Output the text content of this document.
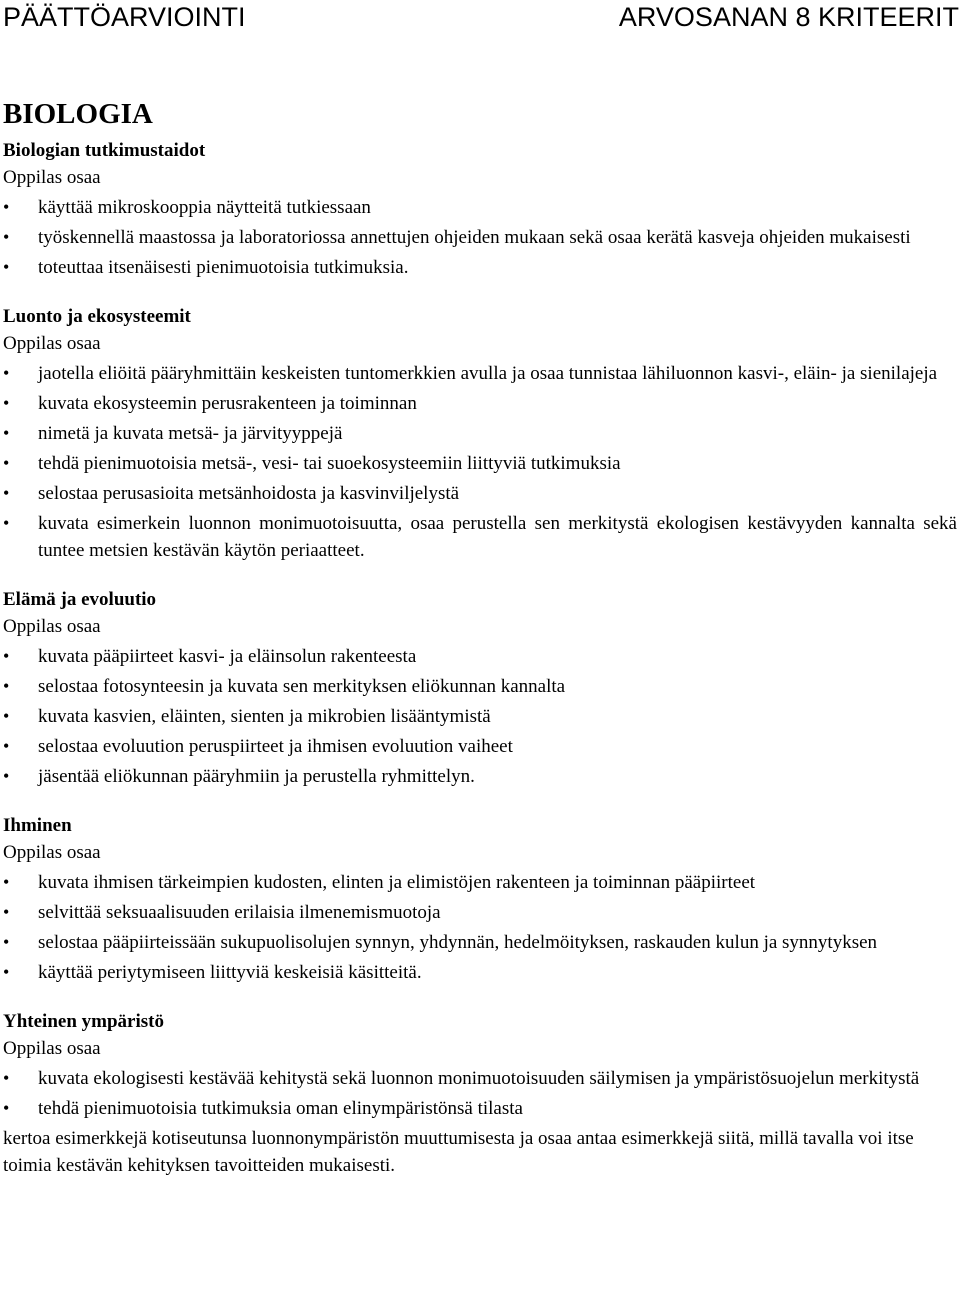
PÄÄTTÖARVIOINTI	ARVOSANAN 8 KRITEERIT
BIOLOGIA

Biologian tutkimustaidot

Oppilas osaa

• käyttää mikroskooppia näytteitä tutkiessaan
• työskennellä maastossa ja laboratoriossa annettujen ohjeiden mukaan sekä osaa kerätä kasveja ohjeiden mukaisesti
• toteuttaa itsenäisesti pienimuotoisia tutkimuksia.

Luonto ja ekosysteemit

Oppilas osaa

• jaotella eliöitä pääryhmittäin keskeisten tuntomerkkien avulla ja osaa tunnistaa lähiluonnon kasvi-, eläin- ja sienilajeja
• kuvata ekosysteemin perusrakenteen ja toiminnan
• nimetä ja kuvata metsä- ja järvityyppejä
• tehdä pienimuotoisia metsä-, vesi- tai suoekosysteemiin liittyviä tutkimuksia
• selostaa perusasioita metsänhoidosta ja kasvinviljelystä
• kuvata esimerkein luonnon monimuotoisuutta, osaa perustella sen merkitystä ekologisen kestävyyden kannalta sekä tuntee metsien kestävän käytön periaatteet.

Elämä ja evoluutio

Oppilas osaa

• kuvata pääpiirteet kasvi- ja eläinsolun rakenteesta
• selostaa fotosynteesin ja kuvata sen merkityksen eliökunnan kannalta
• kuvata kasvien, eläinten, sienten ja mikrobien lisääntymistä
• selostaa evoluution peruspiirteet ja ihmisen evoluution vaiheet
• jäsentää eliökunnan pääryhmiin ja perustella ryhmittelyn.

Ihminen

Oppilas osaa

• kuvata ihmisen tärkeimpien kudosten, elinten ja elimistöjen rakenteen ja toiminnan pääpiirteet
• selvittää seksuaalisuuden erilaisia ilmenemismuotoja
• selostaa pääpiirteissään sukupuolisolujen synnyn, yhdynnän, hedelmöityksen, raskauden kulun ja synnytyksen
• käyttää periytymiseen liittyviä keskeisiä käsitteitä.

Yhteinen ympäristö

Oppilas osaa

• kuvata ekologisesti kestävää kehitystä sekä luonnon monimuotoisuuden säilymisen ja ympäristösuojelun merkitystä
• tehdä pienimuotoisia tutkimuksia oman elinympäristönsä tilasta

kertoa esimerkkejä kotiseutunsa luonnonympäristön muuttumisesta ja osaa antaa esimerkkejä siitä, millä tavalla voi itse toimia kestävän kehityksen tavoitteiden mukaisesti.
